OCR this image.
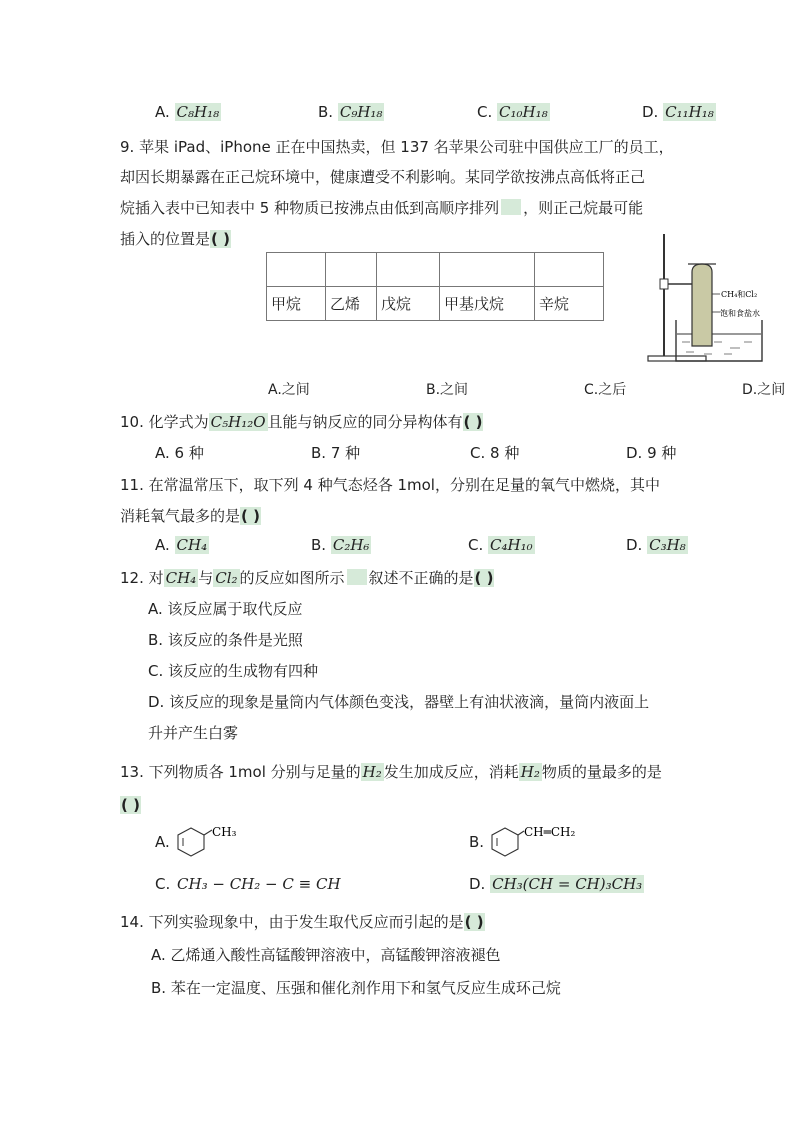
A. C₈H₁₈	B. C₉H₁₈	C. C₁₀H₁₈	D. C₁₁H₁₈
9. 苹果 iPad、iPhone 正在中国热卖，但 137 名苹果公司驻中国供应工厂的员工，
却因长期暴露在正己烷环境中，健康遭受不利影响。某同学欲按沸点高低将正己
烷插入表中已知表中 5 种物质已按沸点由低到高顺序排列 ，则正己烷最可能
插入的位置是( )

甲烷	乙烯	戊烷	甲基戊烷	辛烷
CH₄和Cl₂
饱和食盐水
A.之间	B.之间	C.之后	D.之间
10. 化学式为 C₅H₁₂O 且能与钠反应的同分异构体有( )
A. 6 种	B. 7 种	C. 8 种	D. 9 种
11. 在常温常压下，取下列 4 种气态烃各 1mol，分别在足量的氧气中燃烧，其中
消耗氧气最多的是( )
A. CH₄	B. C₂H₆	C. C₄H₁₀	D. C₃H₈
12. 对 CH₄ 与 Cl₂ 的反应如图所示 叙述不正确的是( )
A. 该反应属于取代反应
B. 该反应的条件是光照
C. 该反应的生成物有四种
D. 该反应的现象是量筒内气体颜色变浅，器壁上有油状液滴，量筒内液面上
升并产生白雾
13. 下列物质各 1mol 分别与足量的 H₂ 发生加成反应，消耗 H₂ 物质的量最多的是
( )
A.
CH₃
B.
CH═CH₂
C. CH₃ − CH₂ − C ≡ CH	D. CH₃(CH = CH)₃CH₃
14. 下列实验现象中，由于发生取代反应而引起的是( )
A. 乙烯通入酸性高锰酸钾溶液中，高锰酸钾溶液褪色
B. 苯在一定温度、压强和催化剂作用下和氢气反应生成环己烷
